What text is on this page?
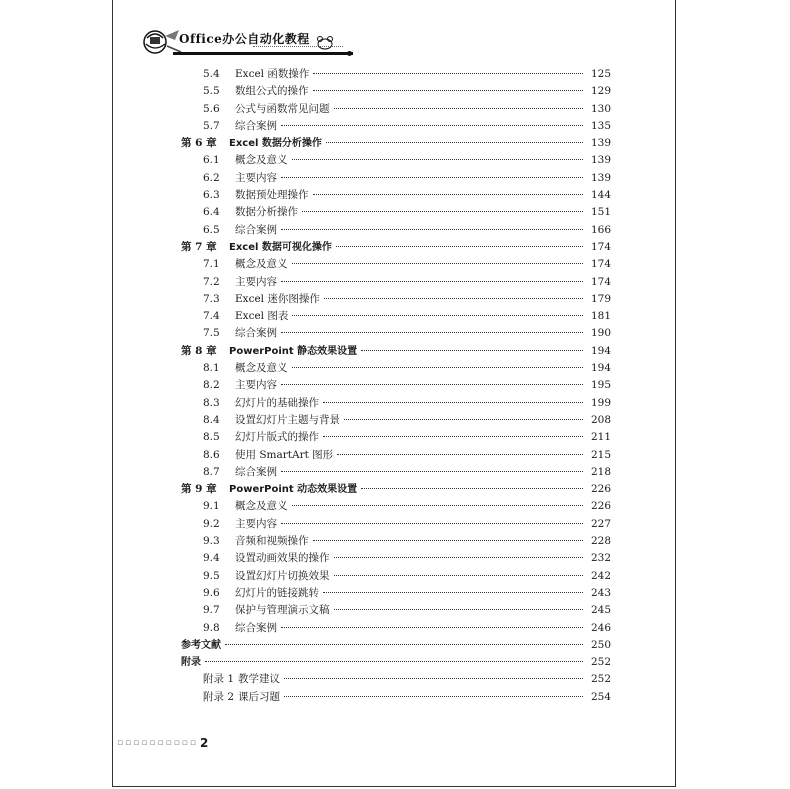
Office办公自动化教程
5.4	Excel 函数操作	125
5.5	数组公式的操作	129
5.6	公式与函数常见问题	130
5.7	综合案例	135
第 6 章	Excel 数据分析操作	139
6.1	概念及意义	139
6.2	主要内容	139
6.3	数据预处理操作	144
6.4	数据分析操作	151
6.5	综合案例	166
第 7 章	Excel 数据可视化操作	174
7.1	概念及意义	174
7.2	主要内容	174
7.3	Excel 迷你图操作	179
7.4	Excel 图表	181
7.5	综合案例	190
第 8 章	PowerPoint 静态效果设置	194
8.1	概念及意义	194
8.2	主要内容	195
8.3	幻灯片的基础操作	199
8.4	设置幻灯片主题与背景	208
8.5	幻灯片版式的操作	211
8.6	使用 SmartArt 图形	215
8.7	综合案例	218
第 9 章	PowerPoint 动态效果设置	226
9.1	概念及意义	226
9.2	主要内容	227
9.3	音频和视频操作	228
9.4	设置动画效果的操作	232
9.5	设置幻灯片切换效果	242
9.6	幻灯片的链接跳转	243
9.7	保护与管理演示文稿	245
9.8	综合案例	246
参考文献	250
附录	252
附录 1 教学建议	252
附录 2 课后习题	254
▫▫▫▫▫▫▫▫▫▫ 2
